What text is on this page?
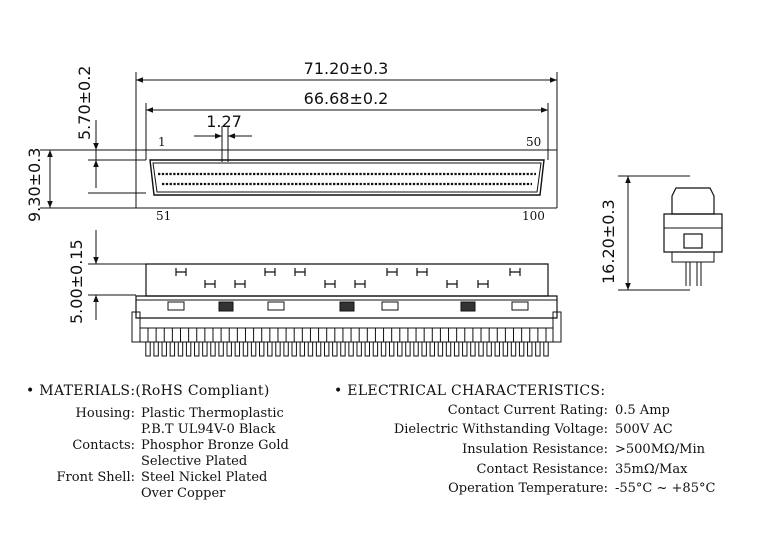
71.20±0.3
66.68±0.2
1.27
5.70±0.2
9.30±0.3
1	50
51	100
5.00±0.15	16.20±0.3
• MATERIALS:(RoHS Compliant)
Housing: Plastic Thermoplastic
P.B.T UL94V-0 Black
Contacts: Phosphor Bronze Gold
Selective Plated
Front Shell: Steel Nickel Plated
Over Copper
• ELECTRICAL CHARACTERISTICS:
Contact Current Rating: 0.5 Amp
Dielectric Withstanding Voltage: 500V AC
Insulation Resistance: >500MΩ/Min
Contact Resistance: 35mΩ/Max
Operation Temperature: -55°C ~ +85°C
